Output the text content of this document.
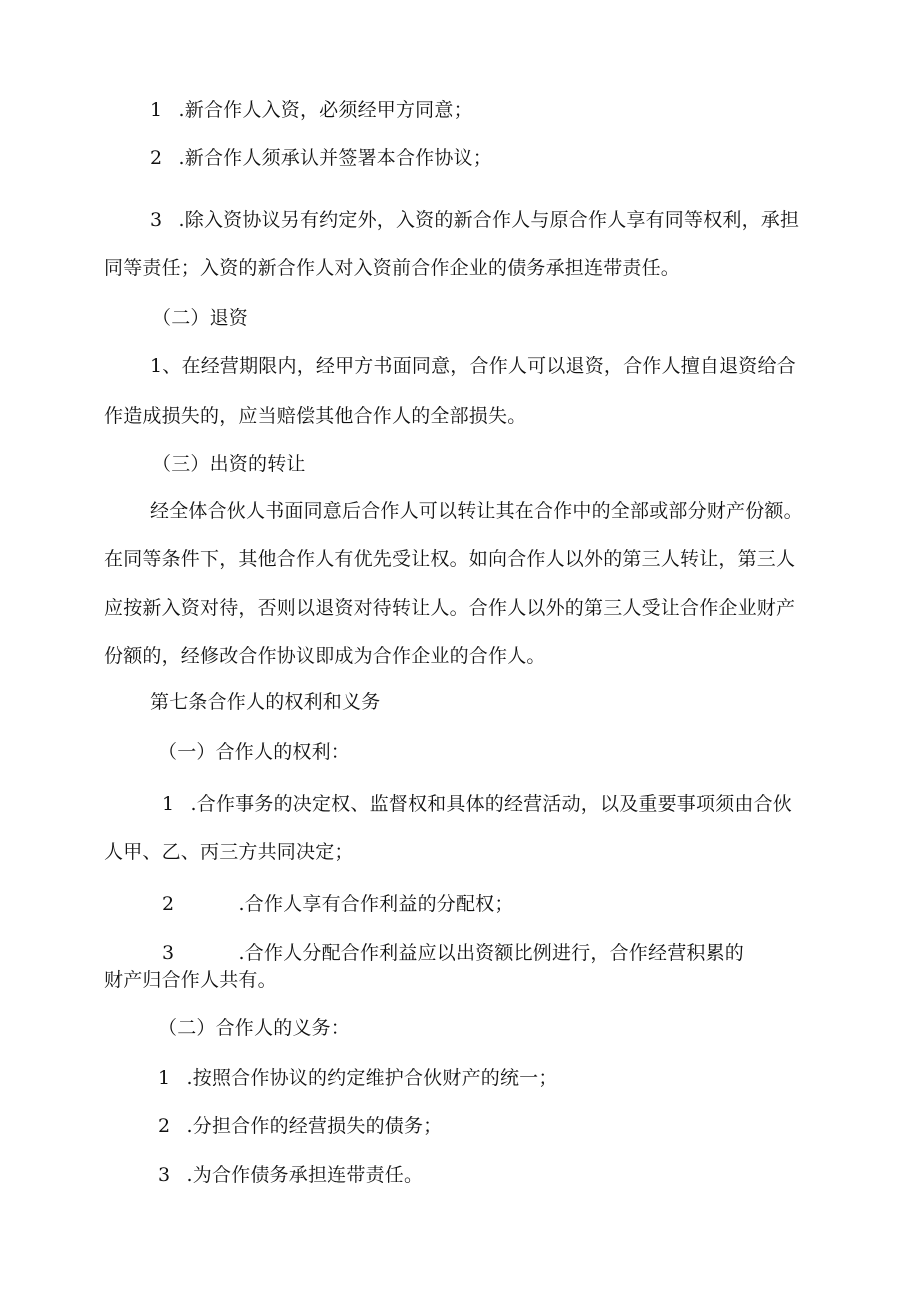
1 .新合作人入资，必须经甲方同意；
2 .新合作人须承认并签署本合作协议；
3 .除入资协议另有约定外，入资的新合作人与原合作人享有同等权利，承担
同等责任；入资的新合作人对入资前合作企业的债务承担连带责任。
（二）退资
1、在经营期限内，经甲方书面同意，合作人可以退资，合作人擅自退资给合
作造成损失的，应当赔偿其他合作人的全部损失。
（三）出资的转让
经全体合伙人书面同意后合作人可以转让其在合作中的全部或部分财产份额。
在同等条件下，其他合作人有优先受让权。如向合作人以外的第三人转让，第三人
应按新入资对待，否则以退资对待转让人。合作人以外的第三人受让合作企业财产
份额的，经修改合作协议即成为合作企业的合作人。
第七条合作人的权利和义务
（一）合作人的权利：
1 .合作事务的决定权、监督权和具体的经营活动，以及重要事项须由合伙
人甲、乙、丙三方共同决定；
2	.合作人享有合作利益的分配权；
3	.合作人分配合作利益应以出资额比例进行，合作经营积累的
财产归合作人共有。
（二）合作人的义务：
1 .按照合作协议的约定维护合伙财产的统一；
2 .分担合作的经营损失的债务；
3 .为合作债务承担连带责任。
